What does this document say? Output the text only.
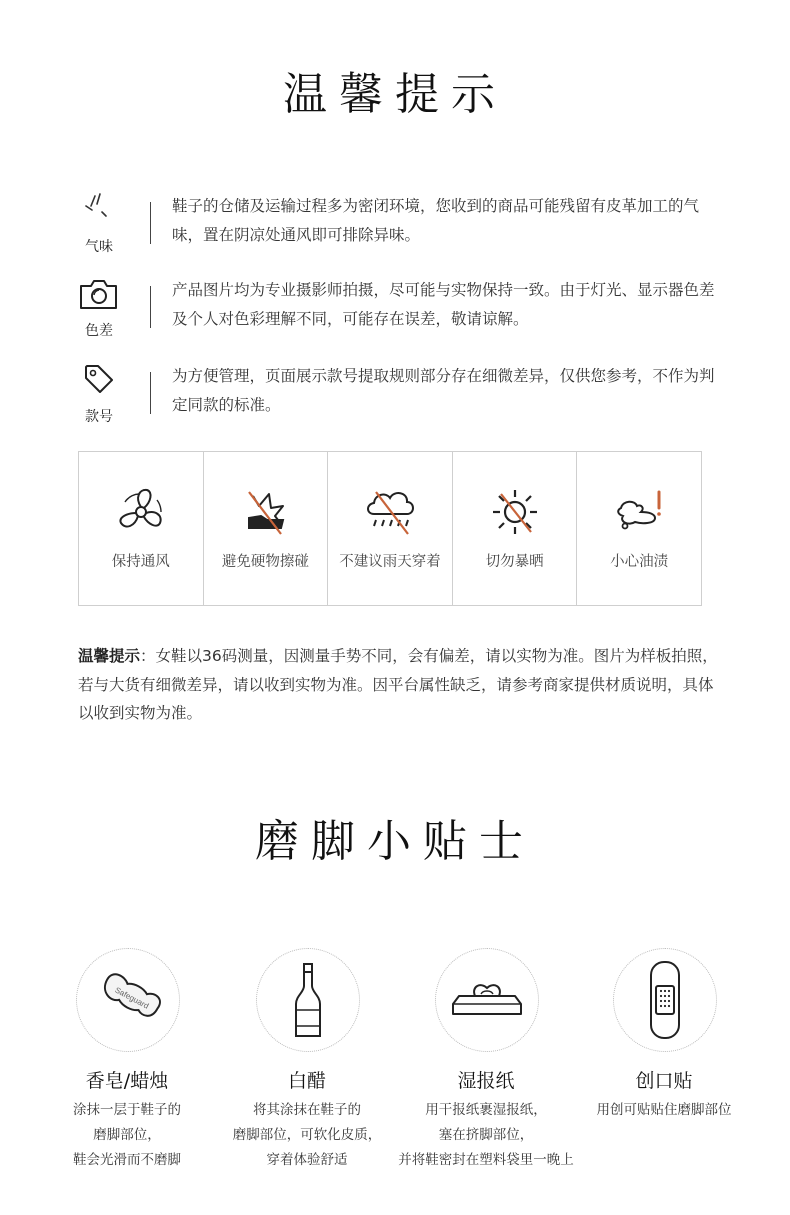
温馨提示
气味
鞋子的仓储及运输过程多为密闭环境，您收到的商品可能残留有皮革加工的气味，置在阴凉处通风即可排除异味。
色差
产品图片均为专业摄影师拍摄，尽可能与实物保持一致。由于灯光、显示器色差及个人对色彩理解不同，可能存在误差，敬请谅解。
款号
为方便管理，页面展示款号提取规则部分存在细微差异，仅供您参考，不作为判定同款的标准。
保持通风	避免硬物擦碰	不建议雨天穿着	切勿暴晒	小心油渍
温馨提示：女鞋以36码测量，因测量手势不同，会有偏差，请以实物为准。图片为样板拍照，若与大货有细微差异，请以收到实物为准。因平台属性缺乏，请参考商家提供材质说明，具体以收到实物为准。
磨脚小贴士
Safeguard
香皂/蜡烛
涂抹一层于鞋子的
磨脚部位，
鞋会光滑而不磨脚
白醋
将其涂抹在鞋子的
磨脚部位，可软化皮质，
穿着体验舒适
湿报纸
用干报纸裹湿报纸，
塞在挤脚部位，
并将鞋密封在塑料袋里一晚上
创口贴
用创可贴贴住磨脚部位
